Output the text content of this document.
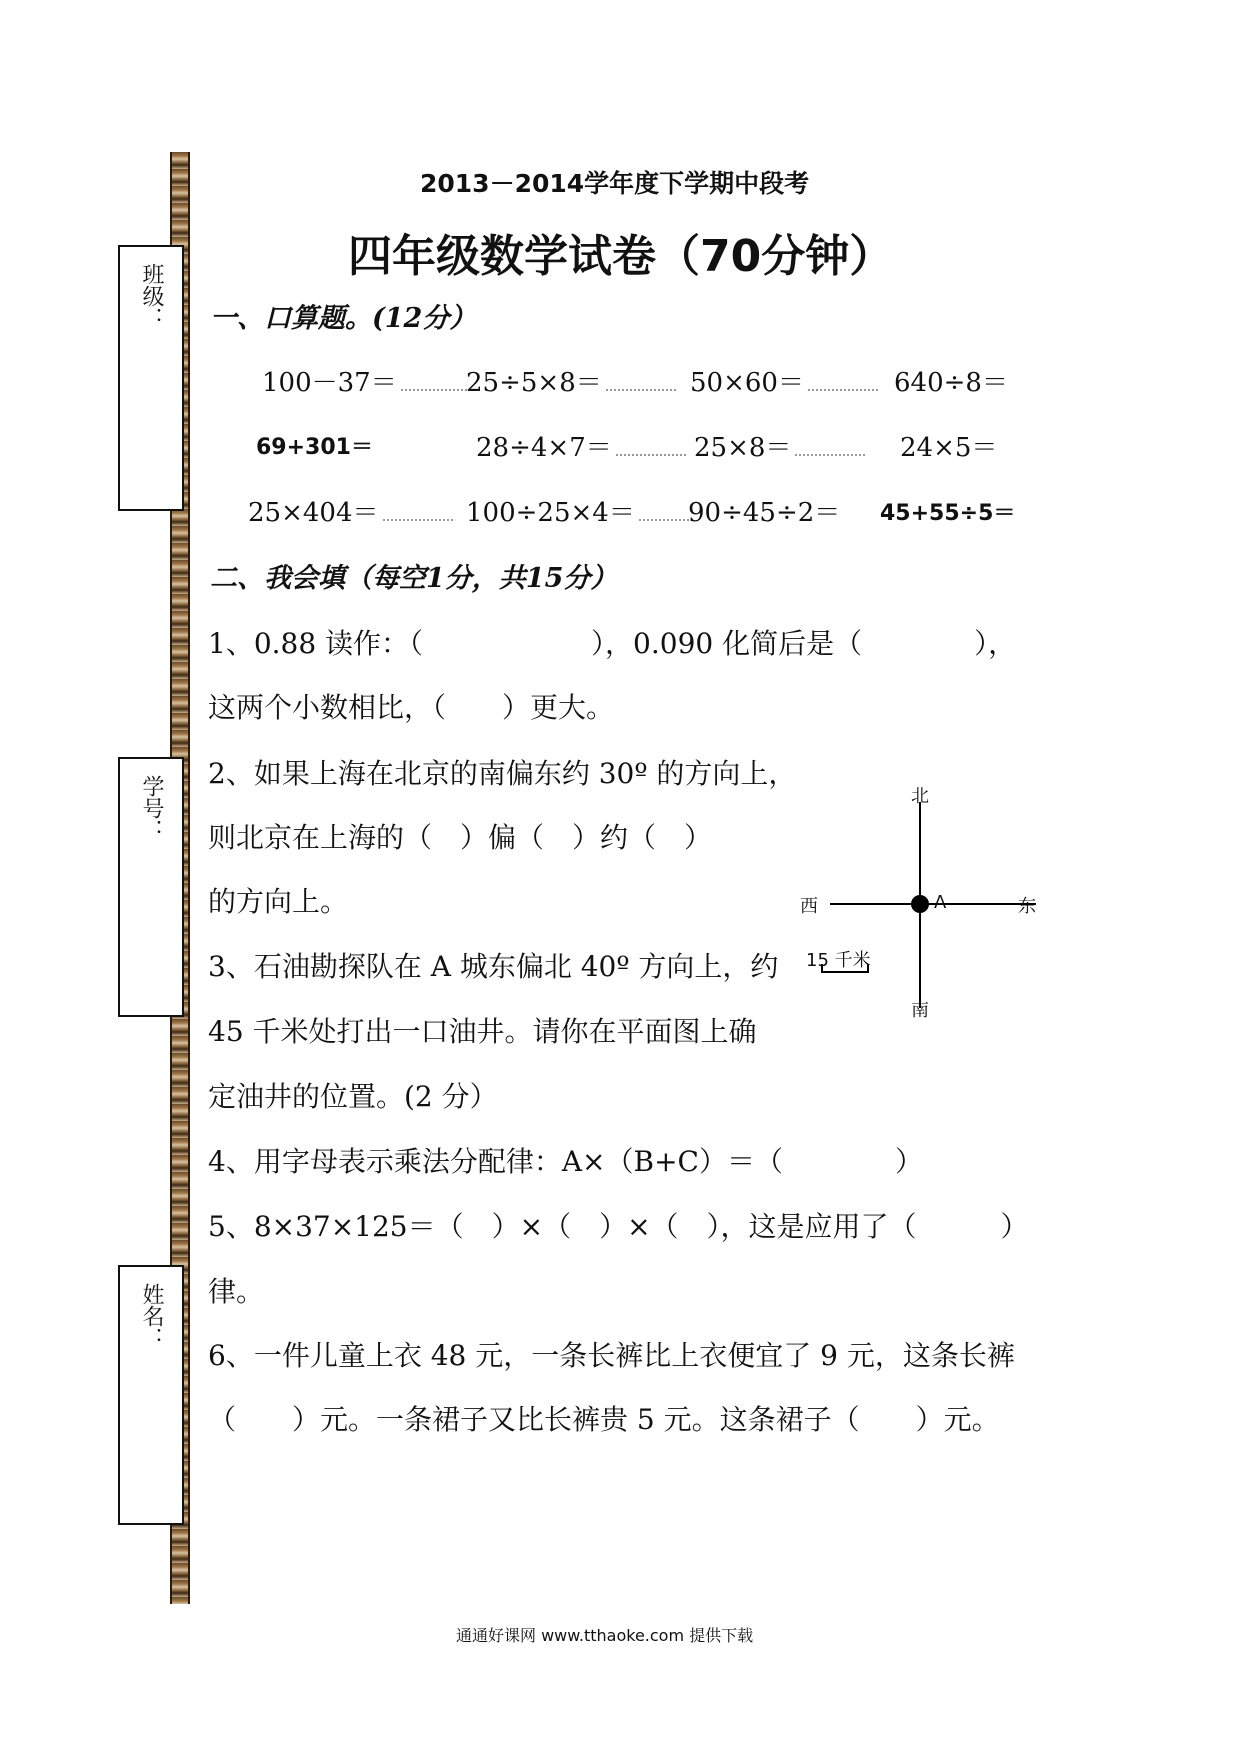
班级：
学号：
姓名：
2013－2014学年度下学期中段考
四年级数学试卷（70分钟）
一、口算题。(12分）
100－37＝	25÷5×8＝	50×60＝	640÷8＝
69+301＝	28÷4×7＝	25×8＝	24×5＝
25×404＝	100÷25×4＝	90÷45÷2＝ 45+55÷5＝
二、我会填（每空1分，共15分）
1、0.88 读作：（　　　　　　），0.090 化简后是（　　　　），
这两个小数相比，（　　）更大。
2、如果上海在北京的南偏东约 30º 的方向上，
则北京在上海的（　）偏（　）约（　）
的方向上。
3、石油勘探队在 A 城东偏北 40º 方向上，约
45 千米处打出一口油井。请你在平面图上确
定油井的位置。(2 分）
4、用字母表示乘法分配律：A×（B+C）＝（　　　　）
5、8×37×125＝（　）×（　）×（　），这是应用了（　　　）
律。
6、一件儿童上衣 48 元，一条长裤比上衣便宜了 9 元，这条长裤
（　　）元。一条裙子又比长裤贵 5 元。这条裙子（　　）元。
北
南
西	东
A
15 千米
通通好课网 www.tthaoke.com 提供下载
